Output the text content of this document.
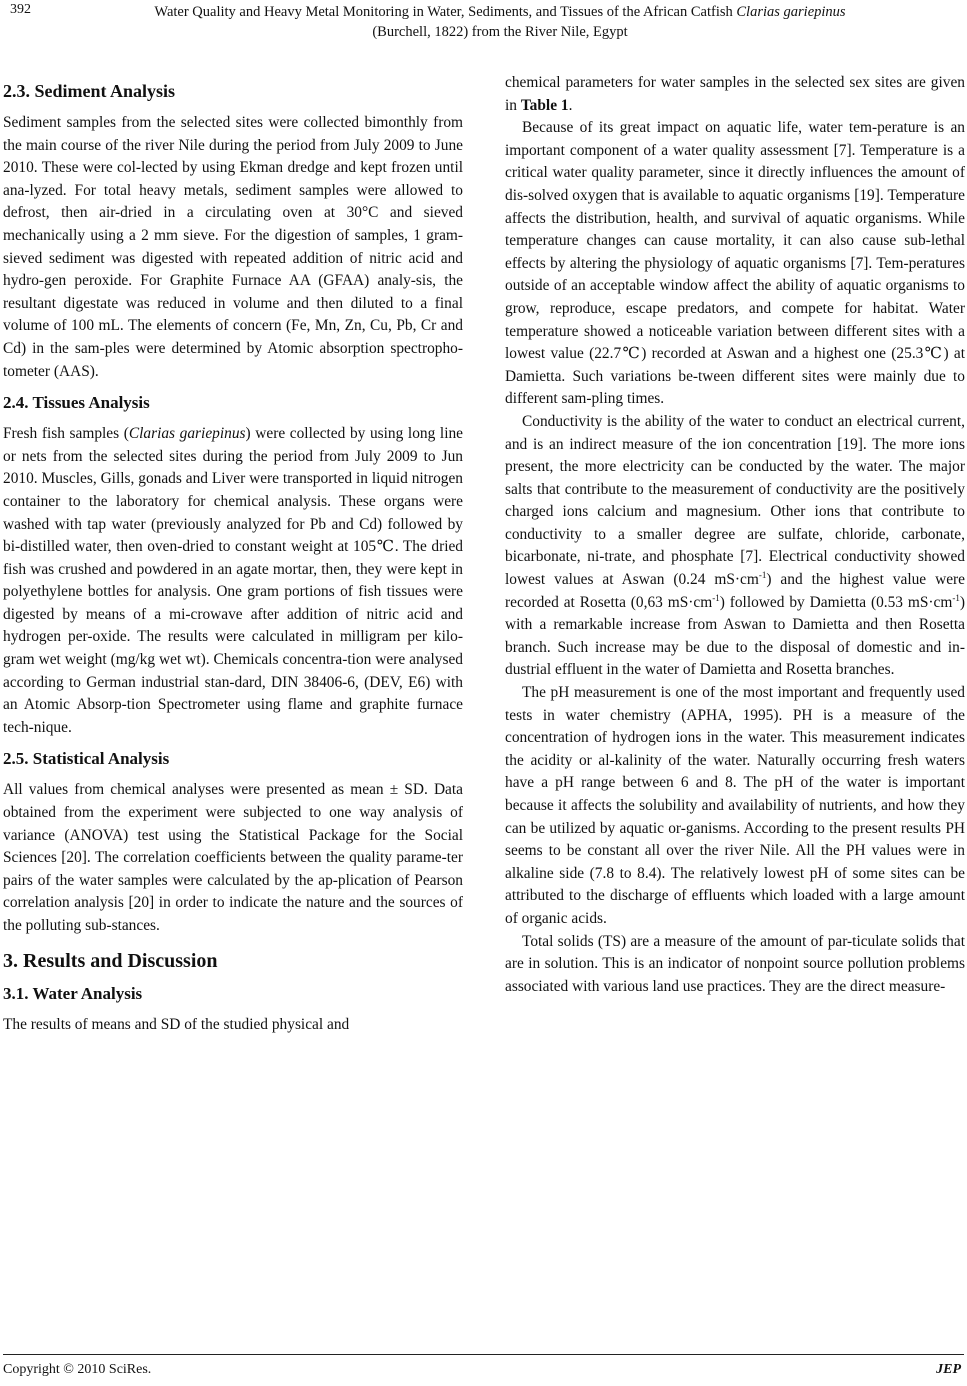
392	Water Quality and Heavy Metal Monitoring in Water, Sediments, and Tissues of the African Catfish Clarias gariepinus
(Burchell, 1822) from the River Nile, Egypt
2.3. Sediment Analysis

Sediment samples from the selected sites were collected bimonthly from the main course of the river Nile during the period from July 2009 to June 2010. These were col-lected by using Ekman dredge and kept frozen until ana-lyzed. For total heavy metals, sediment samples were allowed to defrost, then air-dried in a circulating oven at 30°C and sieved mechanically using a 2 mm sieve. For the digestion of samples, 1 gram-sieved sediment was digested with repeated addition of nitric acid and hydro-gen peroxide. For Graphite Furnace AA (GFAA) analy-sis, the resultant digestate was reduced in volume and then diluted to a final volume of 100 mL. The elements of concern (Fe, Mn, Zn, Cu, Pb, Cr and Cd) in the sam-ples were determined by Atomic absorption spectropho-tometer (AAS).

2.4. Tissues Analysis

Fresh fish samples (Clarias gariepinus) were collected by using long line or nets from the selected sites during the period from July 2009 to Jun 2010. Muscles, Gills, gonads and Liver were transported in liquid nitrogen container to the laboratory for chemical analysis. These organs were washed with tap water (previously analyzed for Pb and Cd) followed by bi-distilled water, then oven-dried to constant weight at 105℃. The dried fish was crushed and powdered in an agate mortar, then, they were kept in polyethylene bottles for analysis. One gram portions of fish tissues were digested by means of a mi-crowave after addition of nitric acid and hydrogen per-oxide. The results were calculated in milligram per kilo-gram wet weight (mg/kg wet wt). Chemicals concentra-tion were analysed according to German industrial stan-dard, DIN 38406-6, (DEV, E6) with an Atomic Absorp-tion Spectrometer using flame and graphite furnace tech-nique.

2.5. Statistical Analysis

All values from chemical analyses were presented as mean ± SD. Data obtained from the experiment were subjected to one way analysis of variance (ANOVA) test using the Statistical Package for the Social Sciences [20]. The correlation coefficients between the quality parame-ter pairs of the water samples were calculated by the ap-plication of Pearson correlation analysis [20] in order to indicate the nature and the sources of the polluting sub-stances.

3. Results and Discussion
3.1. Water Analysis

The results of means and SD of the studied physical and

chemical parameters for water samples in the selected sex sites are given in Table 1.

Because of its great impact on aquatic life, water tem-perature is an important component of a water quality assessment [7]. Temperature is a critical water quality parameter, since it directly influences the amount of dis-solved oxygen that is available to aquatic organisms [19]. Temperature affects the distribution, health, and survival of aquatic organisms. While temperature changes can cause mortality, it can also cause sub-lethal effects by altering the physiology of aquatic organisms [7]. Tem-peratures outside of an acceptable window affect the ability of aquatic organisms to grow, reproduce, escape predators, and compete for habitat. Water temperature showed a noticeable variation between different sites with a lowest value (22.7℃) recorded at Aswan and a highest one (25.3℃) at Damietta. Such variations be-tween different sites were mainly due to different sam-pling times.

Conductivity is the ability of the water to conduct an electrical current, and is an indirect measure of the ion concentration [19]. The more ions present, the more electricity can be conducted by the water. The major salts that contribute to the measurement of conductivity are the positively charged ions calcium and magnesium. Other ions that contribute to conductivity to a smaller degree are sulfate, chloride, carbonate, bicarbonate, ni-trate, and phosphate [7]. Electrical conductivity showed lowest values at Aswan (0.24 $mS\cdot cm^{-1}$) and the highest value were recorded at Rosetta (0,63 $mS\cdot cm^{-1}$) followed by Damietta (0.53 $mS\cdot cm^{-1}$) with a remarkable increase from Aswan to Damietta and then Rosetta branch. Such increase may be due to the disposal of domestic and in-dustrial effluent in the water of Damietta and Rosetta branches.

The pH measurement is one of the most important and frequently used tests in water chemistry (APHA, 1995). PH is a measure of the concentration of hydrogen ions in the water. This measurement indicates the acidity or al-kalinity of the water. Naturally occurring fresh waters have a pH range between 6 and 8. The pH of the water is important because it affects the solubility and availability of nutrients, and how they can be utilized by aquatic or-ganisms. According to the present results PH seems to be constant all over the river Nile. All the PH values were in alkaline side (7.8 to 8.4). The relatively lowest pH of some sites can be attributed to the discharge of effluents which loaded with a large amount of organic acids.

Total solids (TS) are a measure of the amount of par-ticulate solids that are in solution. This is an indicator of nonpoint source pollution problems associated with various land use practices. They are the direct measure-

Copyright © 2010 SciRes.	JEP
